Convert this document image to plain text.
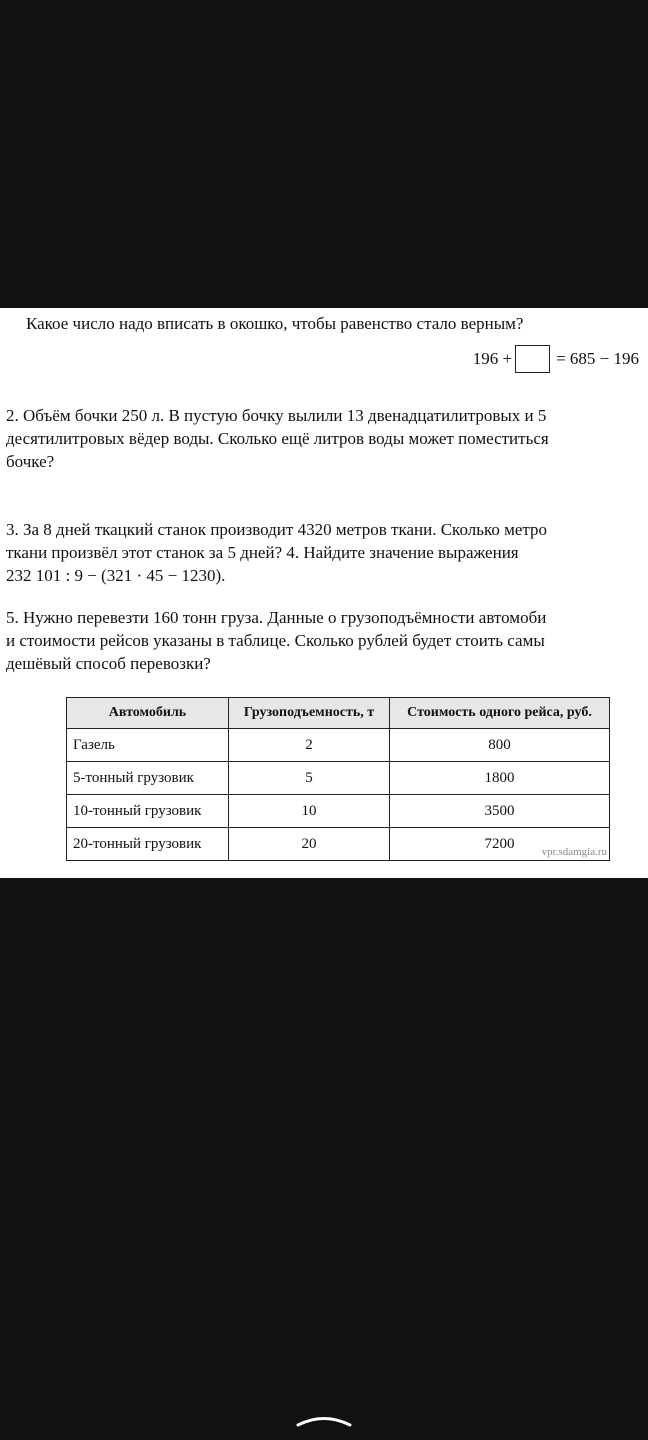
Какое число надо вписать в окошко, чтобы равенство стало верным?
196 +	= 685 − 196
2. Объём бочки 250 л. В пустую бочку вылили 13 двенадцатилитровых и 5
десятилитровых вёдер воды. Сколько ещё литров воды может поместиться
бочке?
3. За 8 дней ткацкий станок производит 4320 метров ткани. Сколько метро
ткани произвёл этот станок за 5 дней? 4. Найдите значение выражения
232 101 : 9 − (321 · 45 − 1230).
5. Нужно перевезти 160 тонн груза. Данные о грузоподъёмности автомоби
и стоимости рейсов указаны в таблице. Сколько рублей будет стоить самы
дешёвый способ перевозки?
Автомобиль	Грузоподъемность, т	Стоимость одного рейса, руб.
Газель	2	800
5-тонный грузовик	5	1800
10-тонный грузовик	10	3500
20-тонный грузовик	20	7200
vpr.sdamgia.ru
